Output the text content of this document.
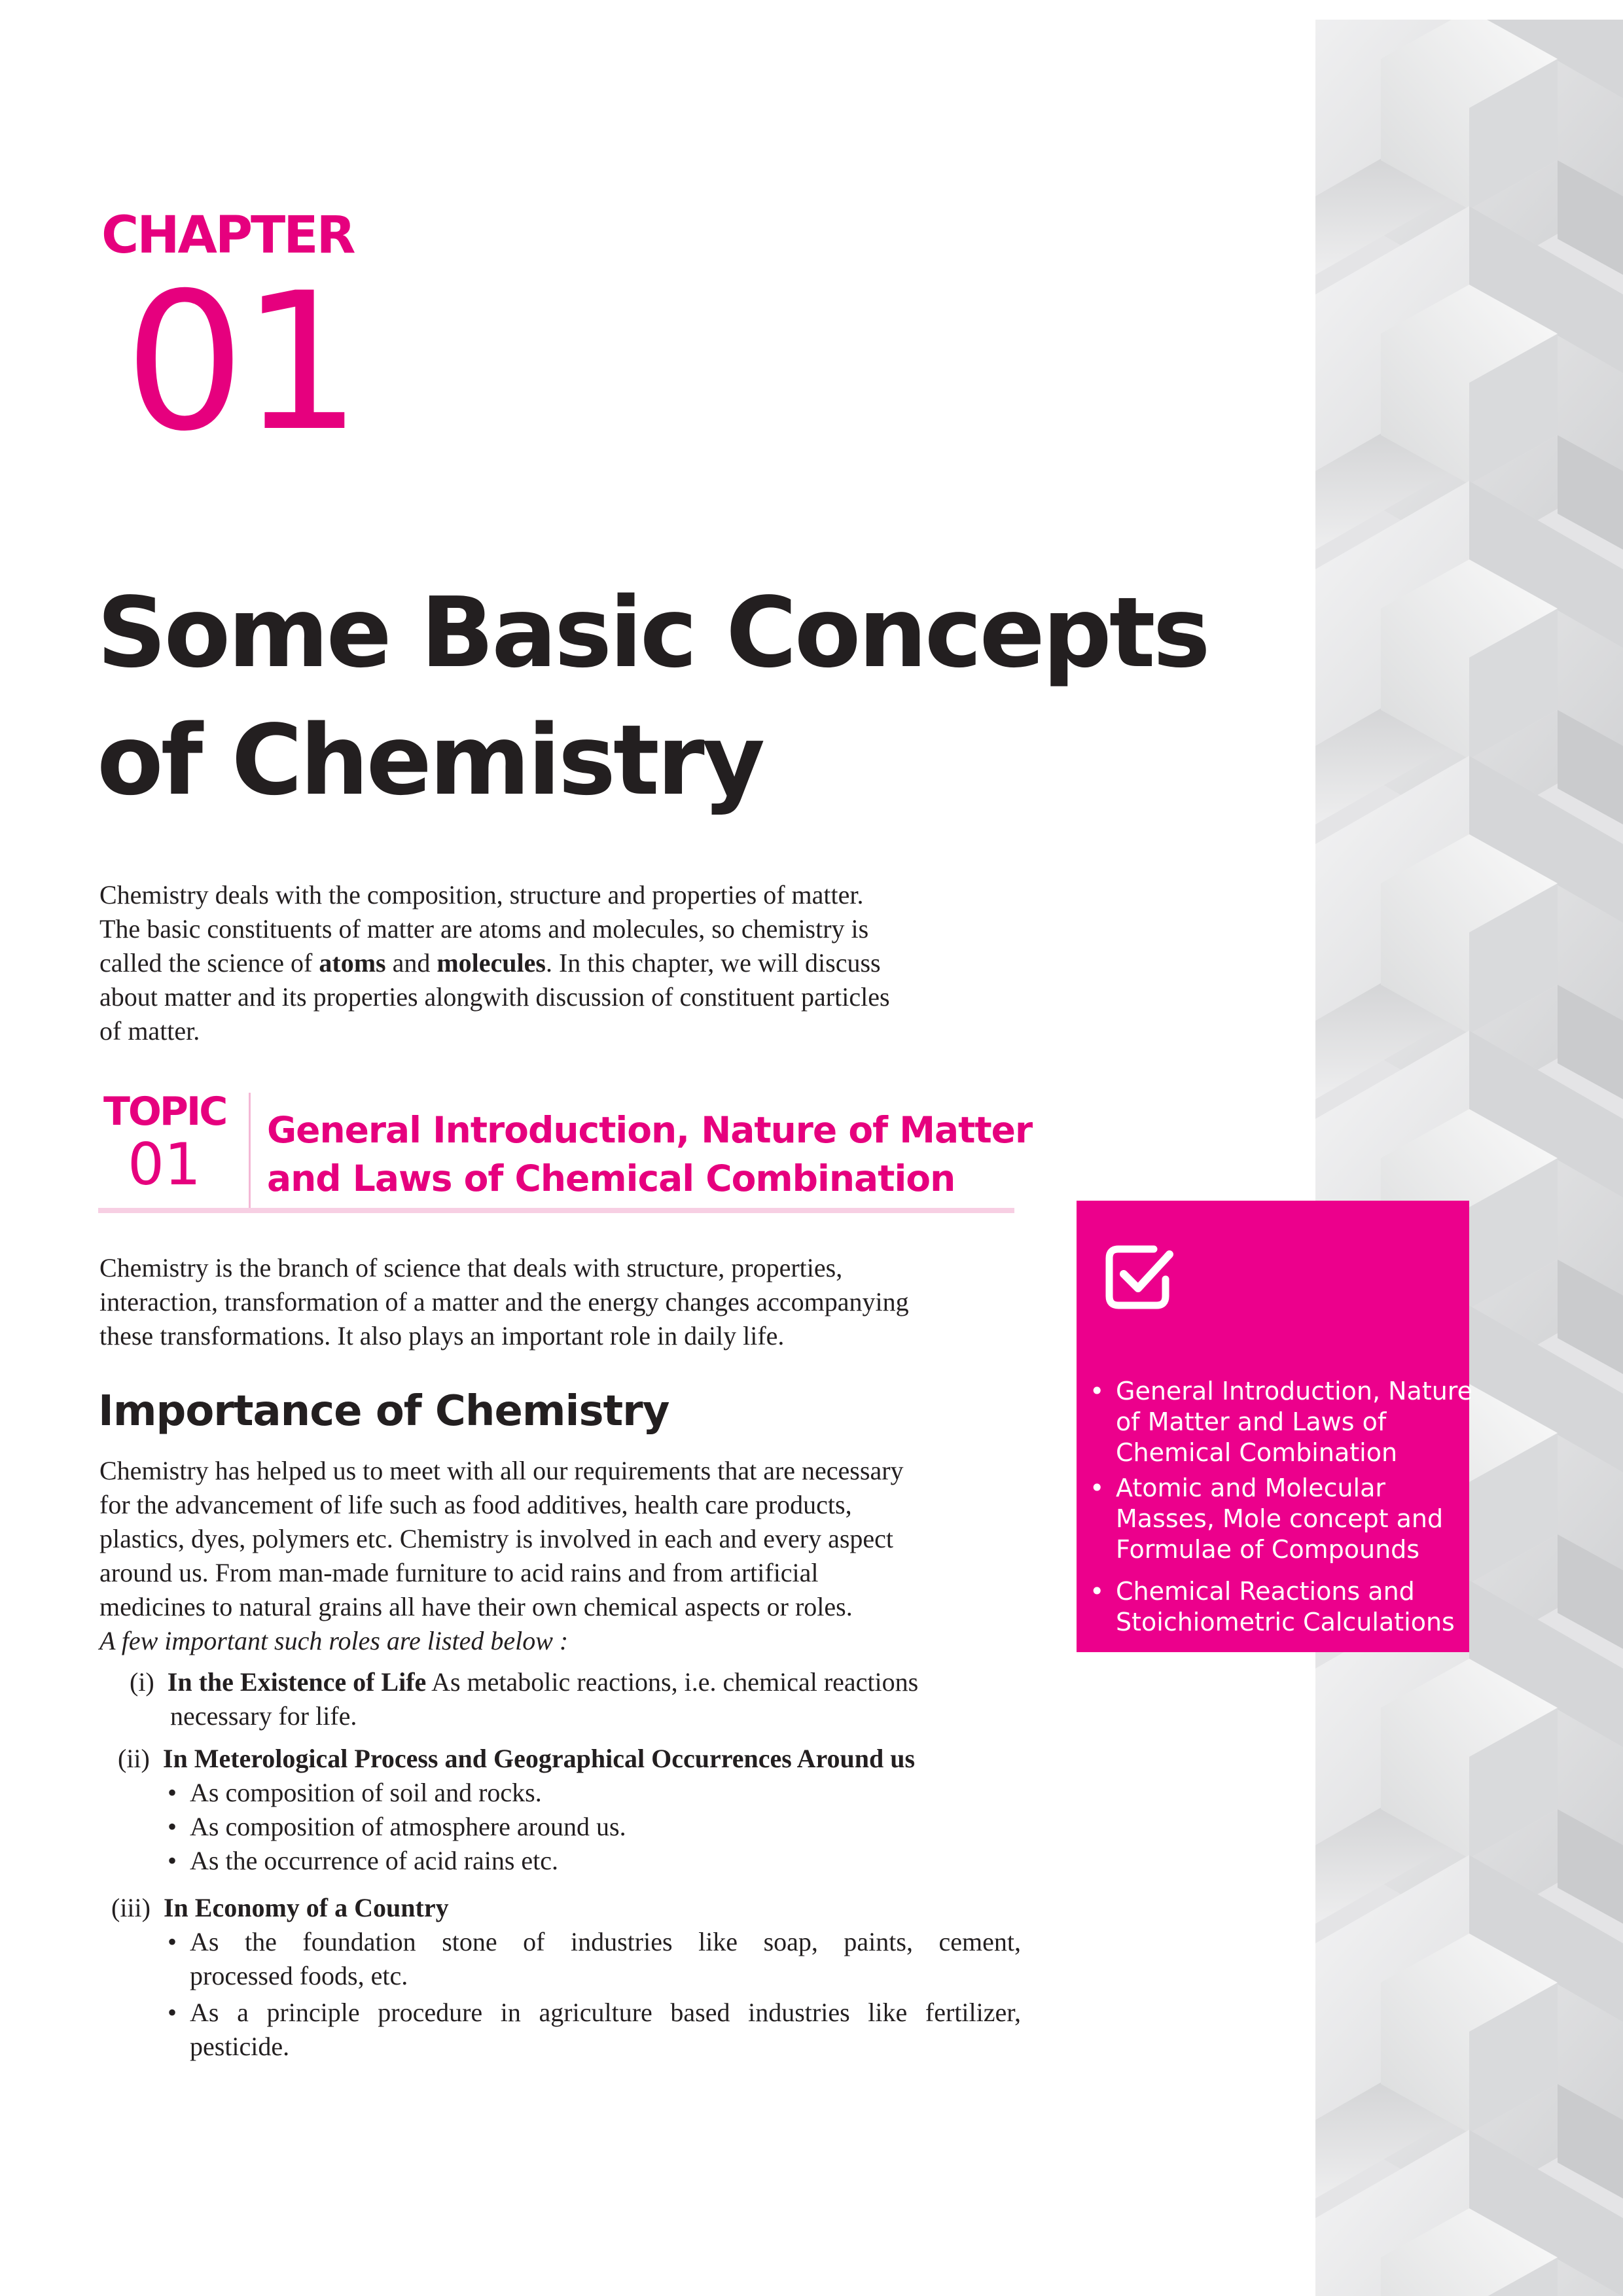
CHAPTER
01
Some Basic Concepts
of Chemistry
Chemistry deals with the composition, structure and properties of matter.
The basic constituents of matter are atoms and molecules, so chemistry is
called the science of atoms and molecules. In this chapter, we will discuss
about matter and its properties alongwith discussion of constituent particles
of matter.
TOPIC
01
General Introduction, Nature of Matter
and Laws of Chemical Combination
Chemistry is the branch of science that deals with structure, properties,
interaction, transformation of a matter and the energy changes accompanying
these transformations. It also plays an important role in daily life.
Importance of Chemistry
Chemistry has helped us to meet with all our requirements that are necessary
for the advancement of life such as food additives, health care products,
plastics, dyes, polymers etc. Chemistry is involved in each and every aspect
around us. From man-made furniture to acid rains and from artificial
medicines to natural grains all have their own chemical aspects or roles.
A few important such roles are listed below :
(i) In the Existence of Life As metabolic reactions, i.e. chemical reactions
necessary for life.
(ii) In Meterological Process and Geographical Occurrences Around us
• As composition of soil and rocks.
• As composition of atmosphere around us.
• As the occurrence of acid rains etc.
(iii) In Economy of a Country
• As the foundation stone of industries like soap, paints, cement,
processed foods, etc.
• As a principle procedure in agriculture based industries like fertilizer,
pesticide.
• General Introduction, Nature
of Matter and Laws of
Chemical Combination
• Atomic and Molecular
Masses, Mole concept and
Formulae of Compounds
• Chemical Reactions and
Stoichiometric Calculations
